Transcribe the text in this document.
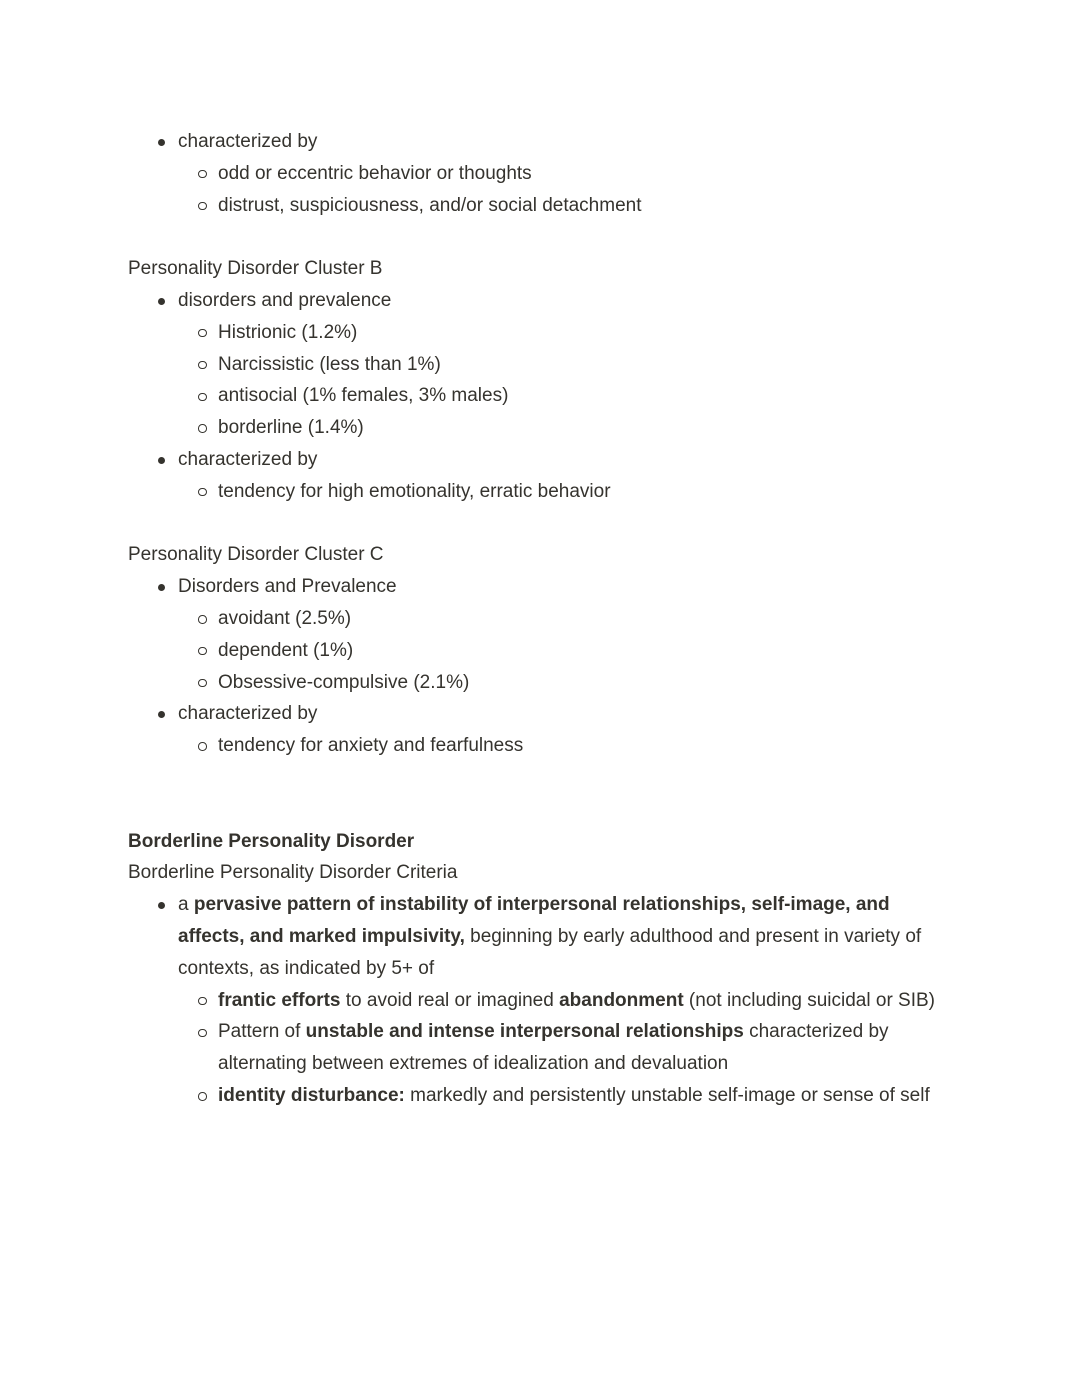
characterized by
odd or eccentric behavior or thoughts
distrust, suspiciousness, and/or social detachment
Personality Disorder Cluster B
disorders and prevalence
Histrionic (1.2%)
Narcissistic (less than 1%)
antisocial (1% females, 3% males)
borderline (1.4%)
characterized by
tendency for high emotionality, erratic behavior
Personality Disorder Cluster C
Disorders and Prevalence
avoidant (2.5%)
dependent (1%)
Obsessive-compulsive (2.1%)
characterized by
tendency for anxiety and fearfulness
Borderline Personality Disorder
Borderline Personality Disorder Criteria
a pervasive pattern of instability of interpersonal relationships, self-image, and affects, and marked impulsivity, beginning by early adulthood and present in variety of contexts, as indicated by 5+ of
frantic efforts to avoid real or imagined abandonment (not including suicidal or SIB)
Pattern of unstable and intense interpersonal relationships characterized by alternating between extremes of idealization and devaluation
identity disturbance: markedly and persistently unstable self-image or sense of self
